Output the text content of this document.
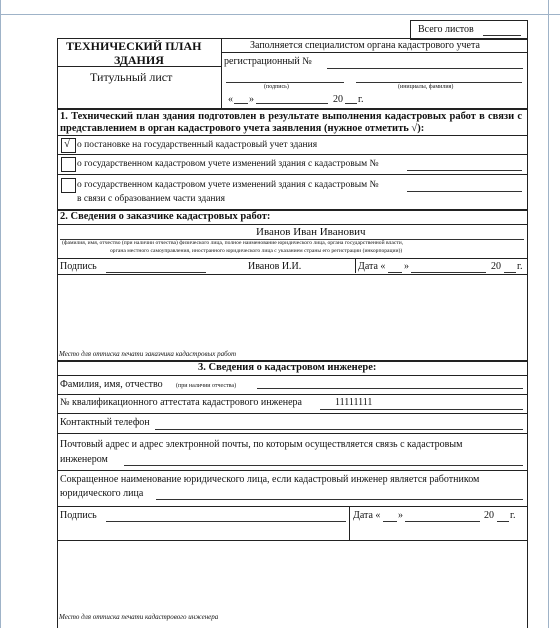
Всего листов
ТЕХНИЧЕСКИЙ ПЛАН
ЗДАНИЯ
Титульный лист
Заполняется специалистом органа кадастрового учета
регистрационный №
(подпись)	(инициалы, фамилия)
« »	20 г.
1. Технический план здания подготовлен в результате выполнения кадастровых работ в связи с представлением в орган кадастрового учета заявления (нужное отметить √):
√ о постановке на государственный кадастровый учет здания
о государственном кадастровом учете изменений здания с кадастровым №
о государственном кадастровом учете изменений здания с кадастровым №
в связи с образованием части здания
2. Сведения о заказчике кадастровых работ:
Иванов Иван Иванович
(фамилия, имя, отчество (при наличии отчества) физического лица, полное наименование юридического лица, органа государственной власти,
органа местного самоуправления, иностранного юридического лица с указанием страны его регистрации (инкорпорации))
Подпись	Иванов И.И.	Дата « »	20 г.
Место для оттиска печати заказчика кадастровых работ
3. Сведения о кадастровом инженере:
Фамилия, имя, отчество (при наличии отчества)
№ квалификационного аттестата кадастрового инженера	11111111
Контактный телефон
Почтовый адрес и адрес электронной почты, по которым осуществляется связь с кадастровым
инженером
Сокращенное наименование юридического лица, если кадастровый инженер является работником
юридического лица
Подпись	Дата « »	20 г.
Место для оттиска печати кадастрового инженера
